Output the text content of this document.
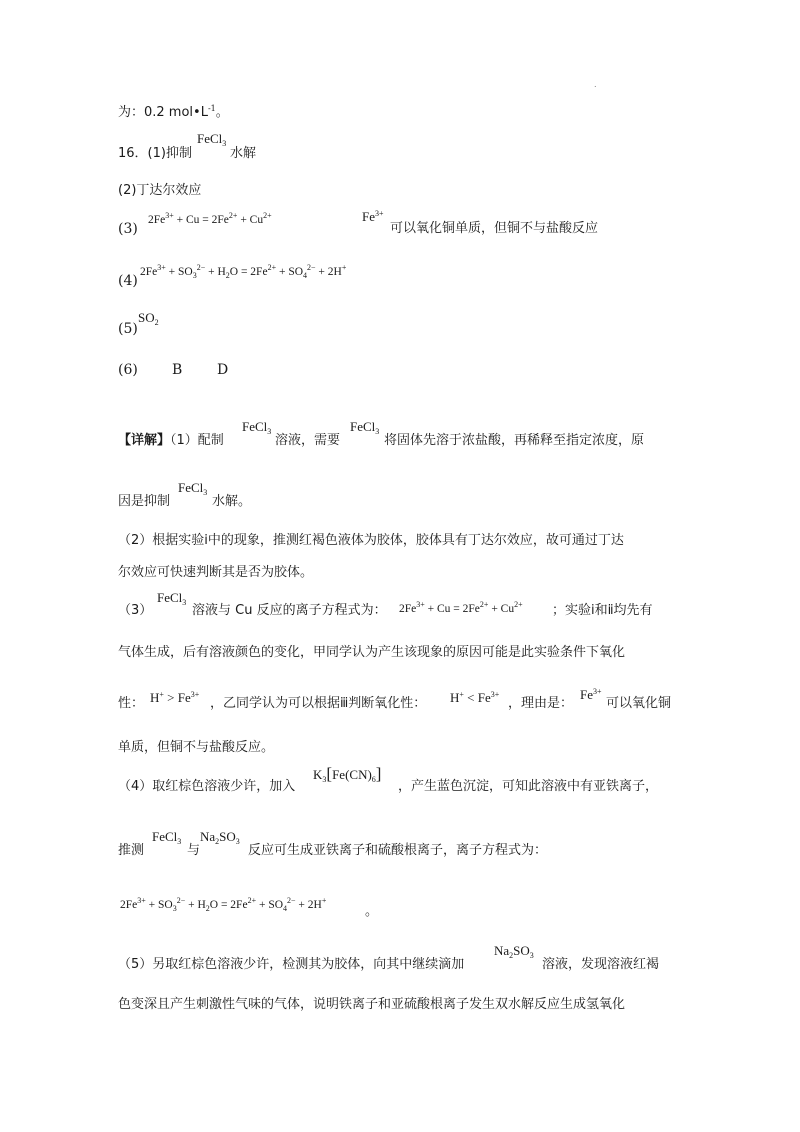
.
为：0.2 $mol•L^{-1}$。
16．(1)抑制
FeCl$_3$
水解
(2)丁达尔效应
(3)
$2Fe^{3+} + Cu = 2Fe^{2+} + Cu^{2+}$	$Fe^{3+}$
可以氧化铜单质，但铜不与盐酸反应
$2Fe^{3+} + SO_3^{2-} + H_2O = 2Fe^{2+} + SO_4^{2-} + 2H^+$
(4)
$SO_2$
(5)
(6) B D
【详解】（1）配制
FeCl$_3$
溶液，需要
FeCl$_3$
将固体先溶于浓盐酸，再稀释至指定浓度，原
因是抑制
FeCl$_3$
水解。
（2）根据实验ⅰ中的现象，推测红褐色液体为胶体，胶体具有丁达尔效应，故可通过丁达
尔效应可快速判断其是否为胶体。
（3）
FeCl$_3$
溶液与 Cu 反应的离子方程式为： $2Fe^{3+} + Cu = 2Fe^{2+} + Cu^{2+}$ ；实验ⅰ和ⅱ均先有
气体生成，后有溶液颜色的变化，甲同学认为产生该现象的原因可能是此实验条件下氧化
性： $H^+ > Fe^{3+}$
，乙同学认为可以根据ⅲ判断氧化性： $H^+ < Fe^{3+}$
，理由是：
$Fe^{3+}$
可以氧化铜
单质，但铜不与盐酸反应。
（4）取红棕色溶液少许，加入
$K_3[Fe(CN)_6]$
，产生蓝色沉淀，可知此溶液中有亚铁离子，
推测
FeCl$_3$
与
$Na_2SO_3$
反应可生成亚铁离子和硫酸根离子，离子方程式为：
$2Fe^{3+} + SO_3^{2-} + H_2O = 2Fe^{2+} + SO_4^{2-} + 2H^+$
。
（5）另取红棕色溶液少许，检测其为胶体，向其中继续滴加
$Na_2SO_3$
溶液，发现溶液红褐
色变深且产生刺激性气味的气体，说明铁离子和亚硫酸根离子发生双水解反应生成氢氧化
